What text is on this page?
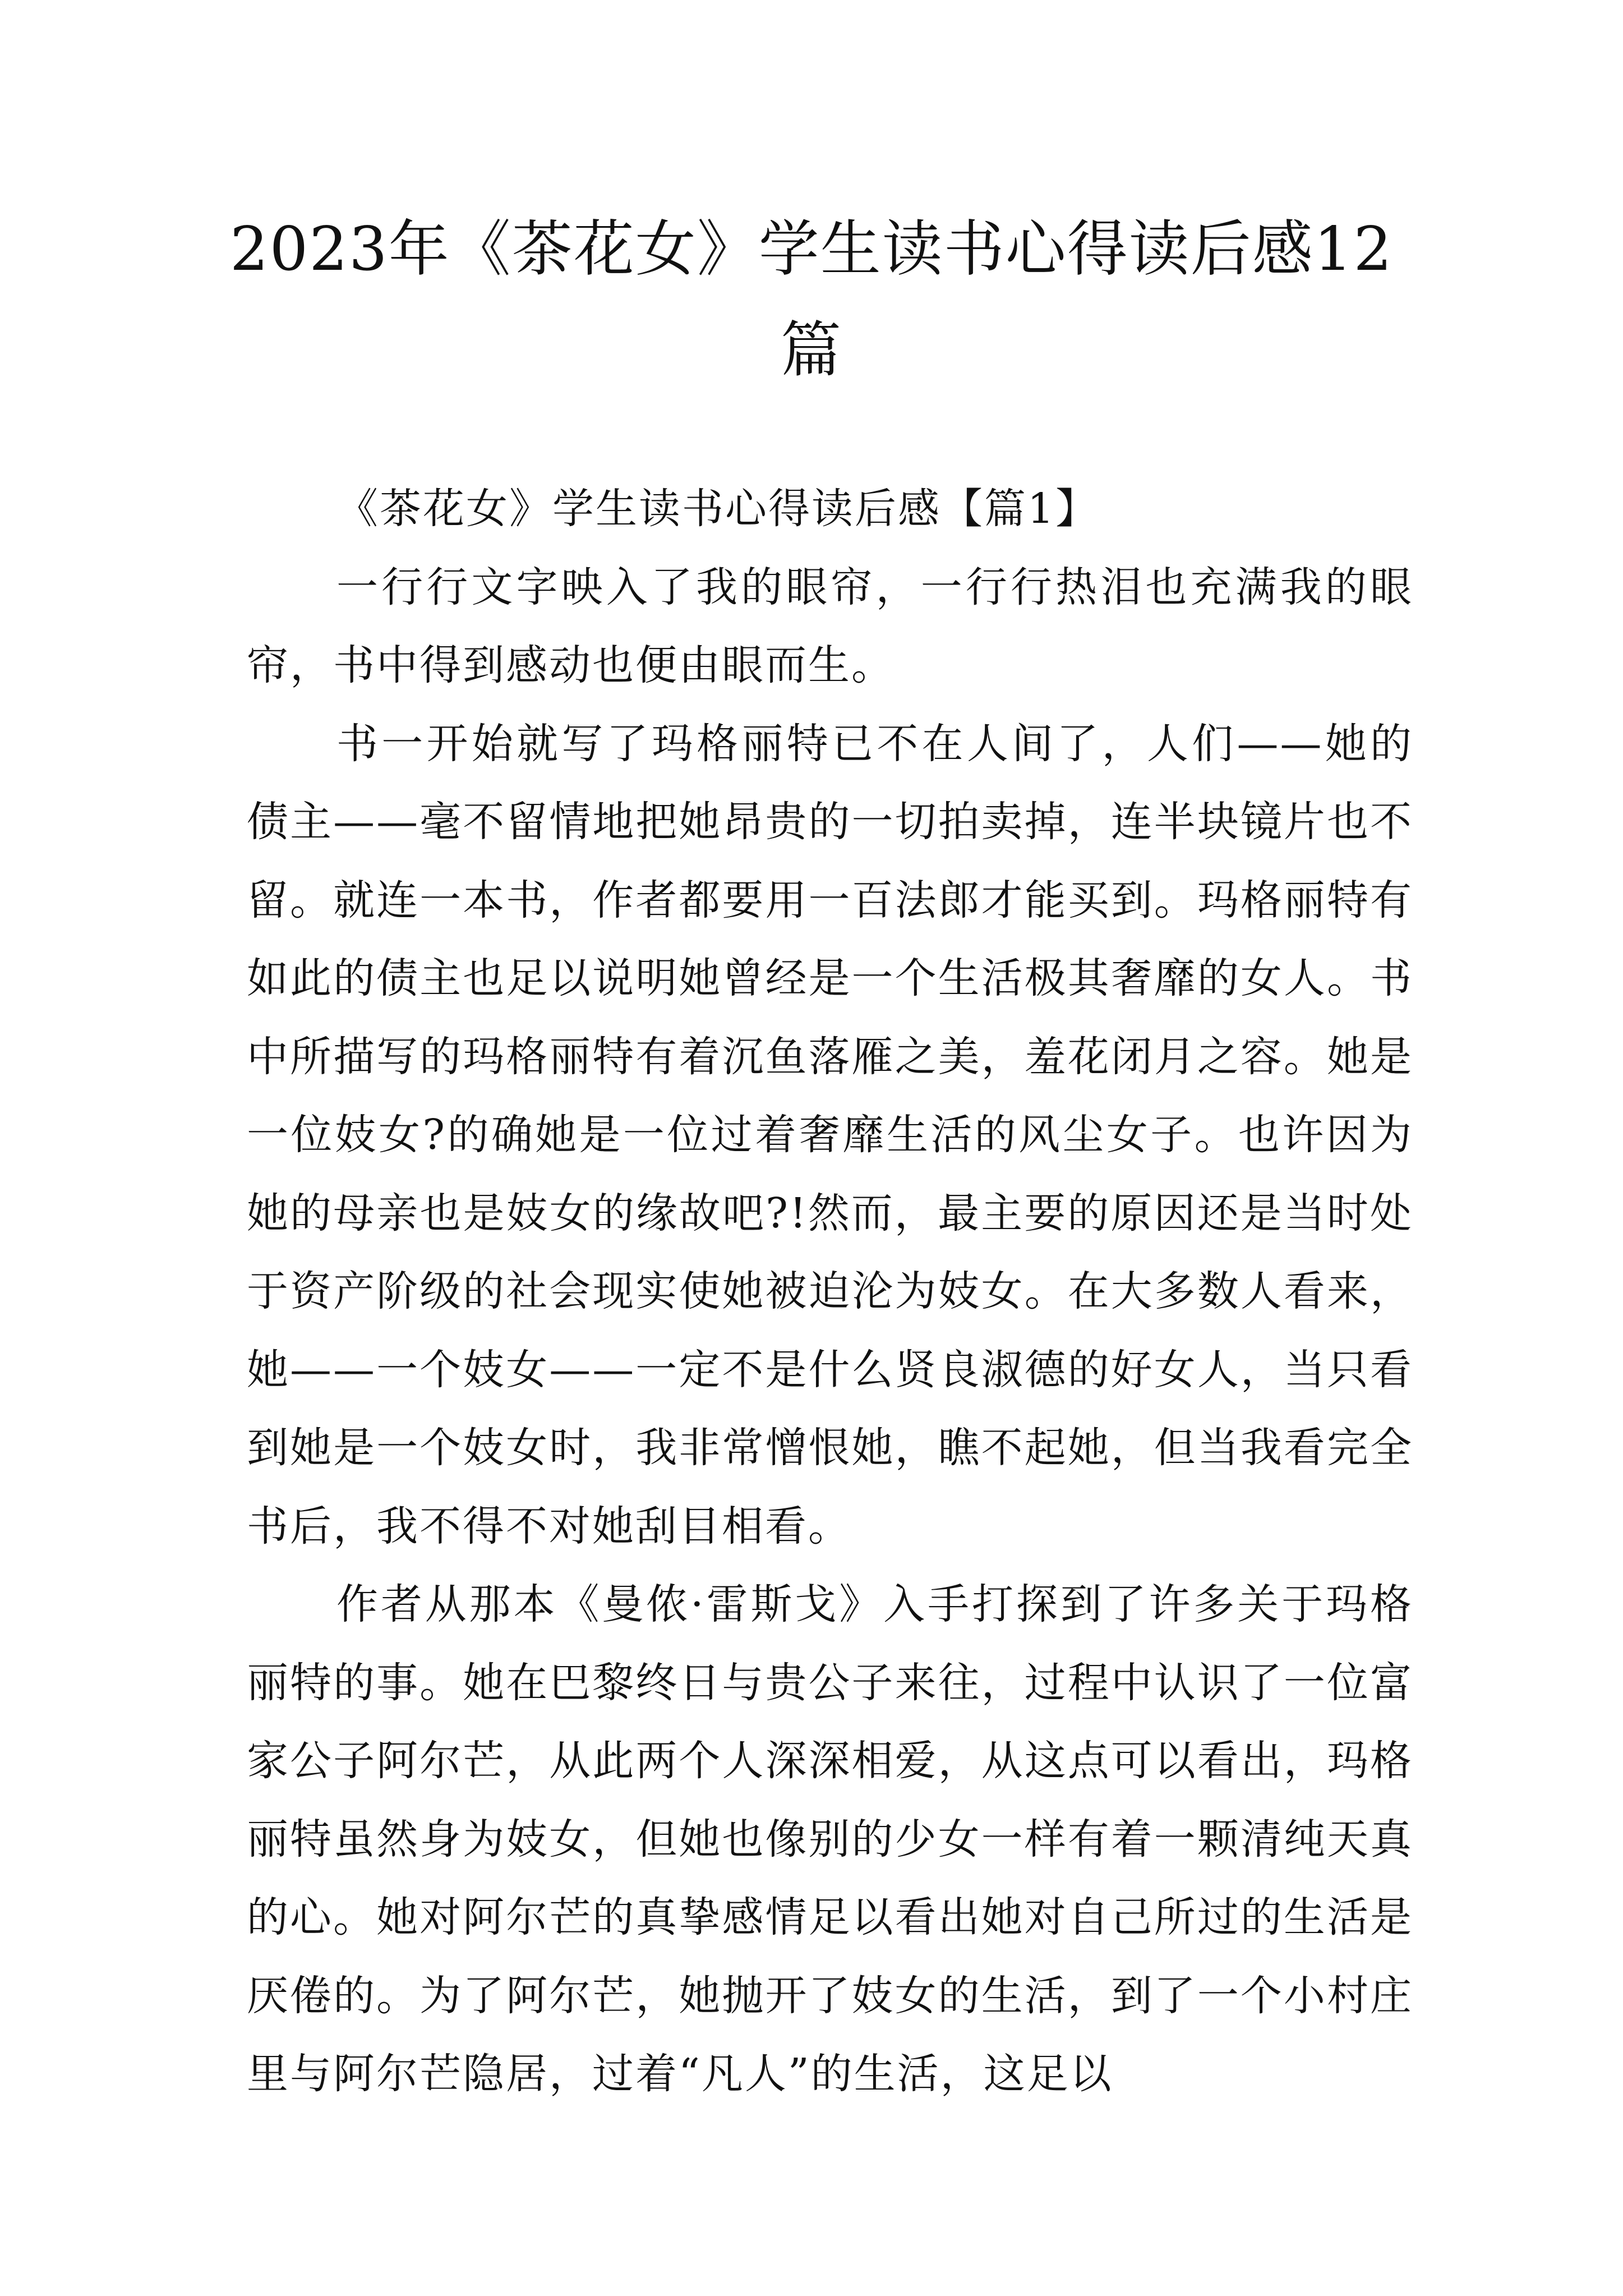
2023年《茶花女》学生读书心得读后感12篇

《茶花女》学生读书心得读后感【篇1】

一行行文字映入了我的眼帘，一行行热泪也充满我的眼帘，书中得到感动也便由眼而生。

书一开始就写了玛格丽特已不在人间了，人们——她的债主——毫不留情地把她昂贵的一切拍卖掉，连半块镜片也不留。就连一本书，作者都要用一百法郎才能买到。玛格丽特有如此的债主也足以说明她曾经是一个生活极其奢靡的女人。书中所描写的玛格丽特有着沉鱼落雁之美，羞花闭月之容。她是一位妓女?的确她是一位过着奢靡生活的风尘女子。也许因为她的母亲也是妓女的缘故吧?!然而，最主要的原因还是当时处于资产阶级的社会现实使她被迫沦为妓女。在大多数人看来，她——一个妓女——一定不是什么贤良淑德的好女人，当只看到她是一个妓女时，我非常憎恨她，瞧不起她，但当我看完全书后，我不得不对她刮目相看。

作者从那本《曼侬·雷斯戈》入手打探到了许多关于玛格丽特的事。她在巴黎终日与贵公子来往，过程中认识了一位富家公子阿尔芒，从此两个人深深相爱，从这点可以看出，玛格丽特虽然身为妓女，但她也像别的少女一样有着一颗清纯天真的心。她对阿尔芒的真挚感情足以看出她对自己所过的生活是厌倦的。为了阿尔芒，她抛开了妓女的生活，到了一个小村庄里与阿尔芒隐居，过着“凡人”的生活，这足以
